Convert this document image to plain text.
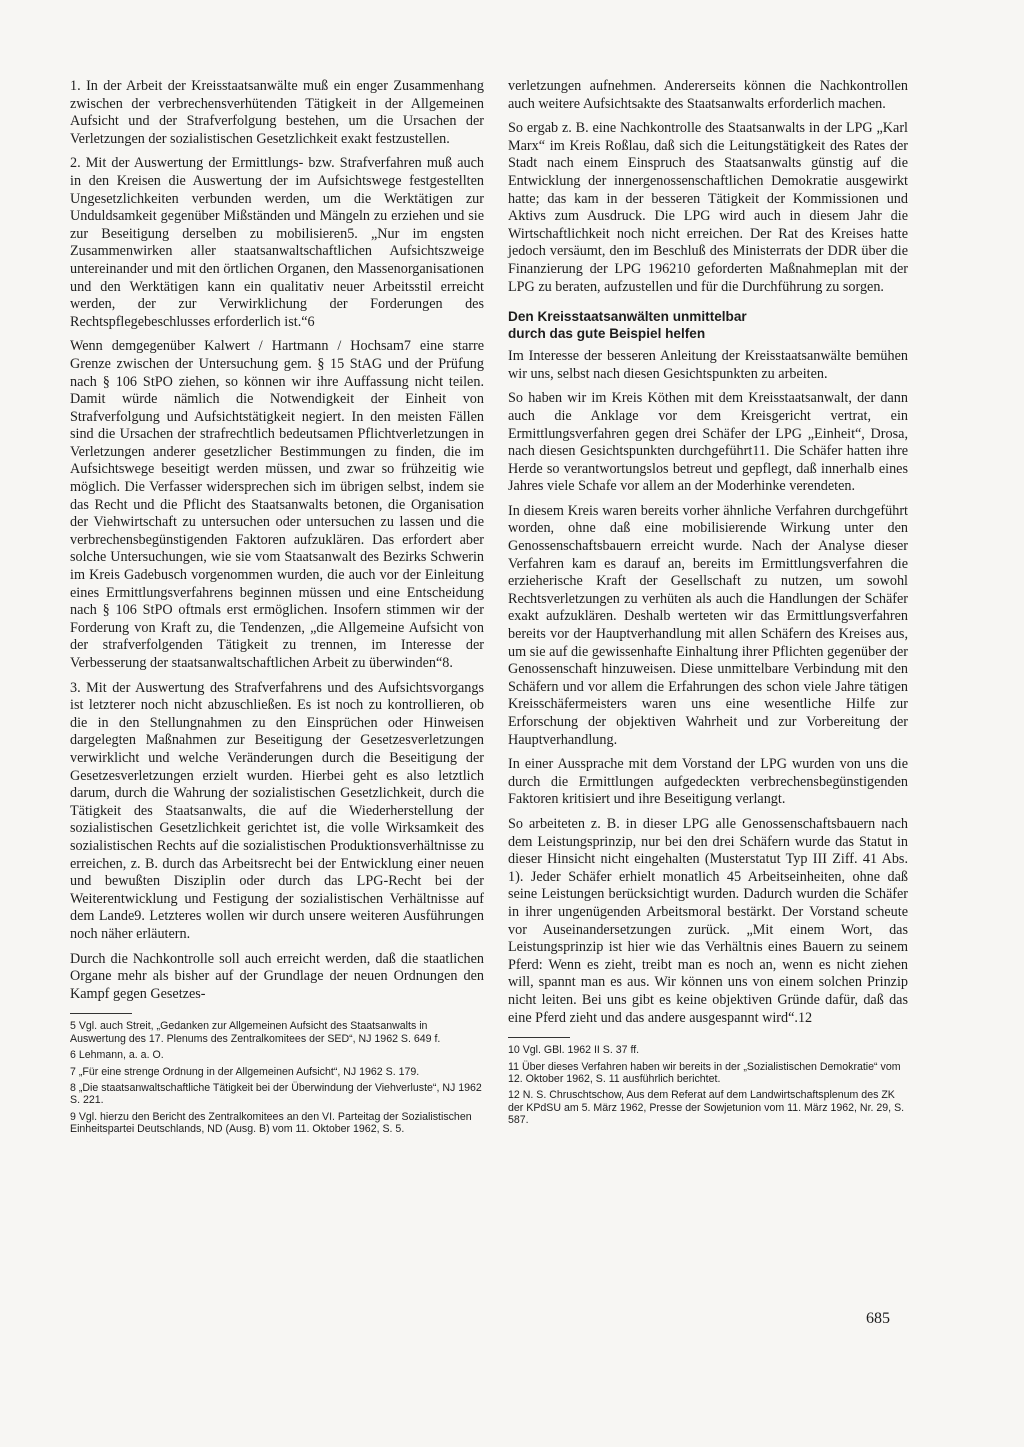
1. In der Arbeit der Kreisstaatsanwälte muß ein enger Zusammenhang zwischen der verbrechensverhütenden Tätigkeit in der Allgemeinen Aufsicht und der Strafverfolgung bestehen, um die Ursachen der Verletzungen der sozialistischen Gesetzlichkeit exakt festzustellen.

2. Mit der Auswertung der Ermittlungs- bzw. Strafverfahren muß auch in den Kreisen die Auswertung der im Aufsichtswege festgestellten Ungesetzlichkeiten verbunden werden, um die Werktätigen zur Unduldsamkeit gegenüber Mißständen und Mängeln zu erziehen und sie zur Beseitigung derselben zu mobilisieren5. „Nur im engsten Zusammenwirken aller staatsanwaltschaftlichen Aufsichtszweige untereinander und mit den örtlichen Organen, den Massenorganisationen und den Werktätigen kann ein qualitativ neuer Arbeitsstil erreicht werden, der zur Verwirklichung der Forderungen des Rechtspflegebeschlusses erforderlich ist.“6

Wenn demgegenüber Kalwert / Hartmann / Hochsam7 eine starre Grenze zwischen der Untersuchung gem. § 15 StAG und der Prüfung nach § 106 StPO ziehen, so können wir ihre Auffassung nicht teilen. Damit würde nämlich die Notwendigkeit der Einheit von Strafverfolgung und Aufsichtstätigkeit negiert. In den meisten Fällen sind die Ursachen der strafrechtlich bedeutsamen Pflichtverletzungen in Verletzungen anderer gesetzlicher Bestimmungen zu finden, die im Aufsichtswege beseitigt werden müssen, und zwar so frühzeitig wie möglich. Die Verfasser widersprechen sich im übrigen selbst, indem sie das Recht und die Pflicht des Staatsanwalts betonen, die Organisation der Viehwirtschaft zu untersuchen oder untersuchen zu lassen und die verbrechensbegünstigenden Faktoren aufzuklären. Das erfordert aber solche Untersuchungen, wie sie vom Staatsanwalt des Bezirks Schwerin im Kreis Gadebusch vorgenommen wurden, die auch vor der Einleitung eines Ermittlungsverfahrens beginnen müssen und eine Entscheidung nach § 106 StPO oftmals erst ermöglichen. Insofern stimmen wir der Forderung von Kraft zu, die Tendenzen, „die Allgemeine Aufsicht von der strafverfolgenden Tätigkeit zu trennen, im Interesse der Verbesserung der staatsanwaltschaftlichen Arbeit zu überwinden“8.

3. Mit der Auswertung des Strafverfahrens und des Aufsichtsvorgangs ist letzterer noch nicht abzuschließen. Es ist noch zu kontrollieren, ob die in den Stellungnahmen zu den Einsprüchen oder Hinweisen dargelegten Maßnahmen zur Beseitigung der Gesetzesverletzungen verwirklicht und welche Veränderungen durch die Beseitigung der Gesetzesverletzungen erzielt wurden. Hierbei geht es also letztlich darum, durch die Wahrung der sozialistischen Gesetzlichkeit, durch die Tätigkeit des Staatsanwalts, die auf die Wiederherstellung der sozialistischen Gesetzlichkeit gerichtet ist, die volle Wirksamkeit des sozialistischen Rechts auf die sozialistischen Produktionsverhältnisse zu erreichen, z. B. durch das Arbeitsrecht bei der Entwicklung einer neuen und bewußten Disziplin oder durch das LPG-Recht bei der Weiterentwicklung und Festigung der sozialistischen Verhältnisse auf dem Lande9. Letzteres wollen wir durch unsere weiteren Ausführungen noch näher erläutern.

Durch die Nachkontrolle soll auch erreicht werden, daß die staatlichen Organe mehr als bisher auf der Grundlage der neuen Ordnungen den Kampf gegen Gesetzes-

5 Vgl. auch Streit, „Gedanken zur Allgemeinen Aufsicht des Staatsanwalts in Auswertung des 17. Plenums des Zentralkomitees der SED“, NJ 1962 S. 649 f.

6 Lehmann, a. a. O.

7 „Für eine strenge Ordnung in der Allgemeinen Aufsicht“, NJ 1962 S. 179.

8 „Die staatsanwaltschaftliche Tätigkeit bei der Überwindung der Viehverluste“, NJ 1962 S. 221.

9 Vgl. hierzu den Bericht des Zentralkomitees an den VI. Parteitag der Sozialistischen Einheitspartei Deutschlands, ND (Ausg. B) vom 11. Oktober 1962, S. 5.

verletzungen aufnehmen. Andererseits können die Nachkontrollen auch weitere Aufsichtsakte des Staatsanwalts erforderlich machen.

So ergab z. B. eine Nachkontrolle des Staatsanwalts in der LPG „Karl Marx“ im Kreis Roßlau, daß sich die Leitungstätigkeit des Rates der Stadt nach einem Einspruch des Staatsanwalts günstig auf die Entwicklung der innergenossenschaftlichen Demokratie ausgewirkt hatte; das kam in der besseren Tätigkeit der Kommissionen und Aktivs zum Ausdruck. Die LPG wird auch in diesem Jahr die Wirtschaftlichkeit noch nicht erreichen. Der Rat des Kreises hatte jedoch versäumt, den im Beschluß des Ministerrats der DDR über die Finanzierung der LPG 196210 geforderten Maßnahmeplan mit der LPG zu beraten, aufzustellen und für die Durchführung zu sorgen.

Den Kreisstaatsanwälten unmittelbar
durch das gute Beispiel helfen

Im Interesse der besseren Anleitung der Kreisstaatsanwälte bemühen wir uns, selbst nach diesen Gesichtspunkten zu arbeiten.

So haben wir im Kreis Köthen mit dem Kreisstaatsanwalt, der dann auch die Anklage vor dem Kreisgericht vertrat, ein Ermittlungsverfahren gegen drei Schäfer der LPG „Einheit“, Drosa, nach diesen Gesichtspunkten durchgeführt11. Die Schäfer hatten ihre Herde so verantwortungslos betreut und gepflegt, daß innerhalb eines Jahres viele Schafe vor allem an der Moderhinke verendeten.

In diesem Kreis waren bereits vorher ähnliche Verfahren durchgeführt worden, ohne daß eine mobilisierende Wirkung unter den Genossenschaftsbauern erreicht wurde. Nach der Analyse dieser Verfahren kam es darauf an, bereits im Ermittlungsverfahren die erzieherische Kraft der Gesellschaft zu nutzen, um sowohl Rechtsverletzungen zu verhüten als auch die Handlungen der Schäfer exakt aufzuklären. Deshalb werteten wir das Ermittlungsverfahren bereits vor der Hauptverhandlung mit allen Schäfern des Kreises aus, um sie auf die gewissenhafte Einhaltung ihrer Pflichten gegenüber der Genossenschaft hinzuweisen. Diese unmittelbare Verbindung mit den Schäfern und vor allem die Erfahrungen des schon viele Jahre tätigen Kreisschäfermeisters waren uns eine wesentliche Hilfe zur Erforschung der objektiven Wahrheit und zur Vorbereitung der Hauptverhandlung.

In einer Aussprache mit dem Vorstand der LPG wurden von uns die durch die Ermittlungen aufgedeckten verbrechensbegünstigenden Faktoren kritisiert und ihre Beseitigung verlangt.

So arbeiteten z. B. in dieser LPG alle Genossenschaftsbauern nach dem Leistungsprinzip, nur bei den drei Schäfern wurde das Statut in dieser Hinsicht nicht eingehalten (Musterstatut Typ III Ziff. 41 Abs. 1). Jeder Schäfer erhielt monatlich 45 Arbeitseinheiten, ohne daß seine Leistungen berücksichtigt wurden. Dadurch wurden die Schäfer in ihrer ungenügenden Arbeitsmoral bestärkt. Der Vorstand scheute vor Auseinandersetzungen zurück. „Mit einem Wort, das Leistungsprinzip ist hier wie das Verhältnis eines Bauern zu seinem Pferd: Wenn es zieht, treibt man es noch an, wenn es nicht ziehen will, spannt man es aus. Wir können uns von einem solchen Prinzip nicht leiten. Bei uns gibt es keine objektiven Gründe dafür, daß das eine Pferd zieht und das andere ausgespannt wird“.12

10 Vgl. GBl. 1962 II S. 37 ff.

11 Über dieses Verfahren haben wir bereits in der „Sozialistischen Demokratie“ vom 12. Oktober 1962, S. 11 ausführlich berichtet.

12 N. S. Chruschtschow, Aus dem Referat auf dem Landwirtschaftsplenum des ZK der KPdSU am 5. März 1962, Presse der Sowjetunion vom 11. März 1962, Nr. 29, S. 587.

685
